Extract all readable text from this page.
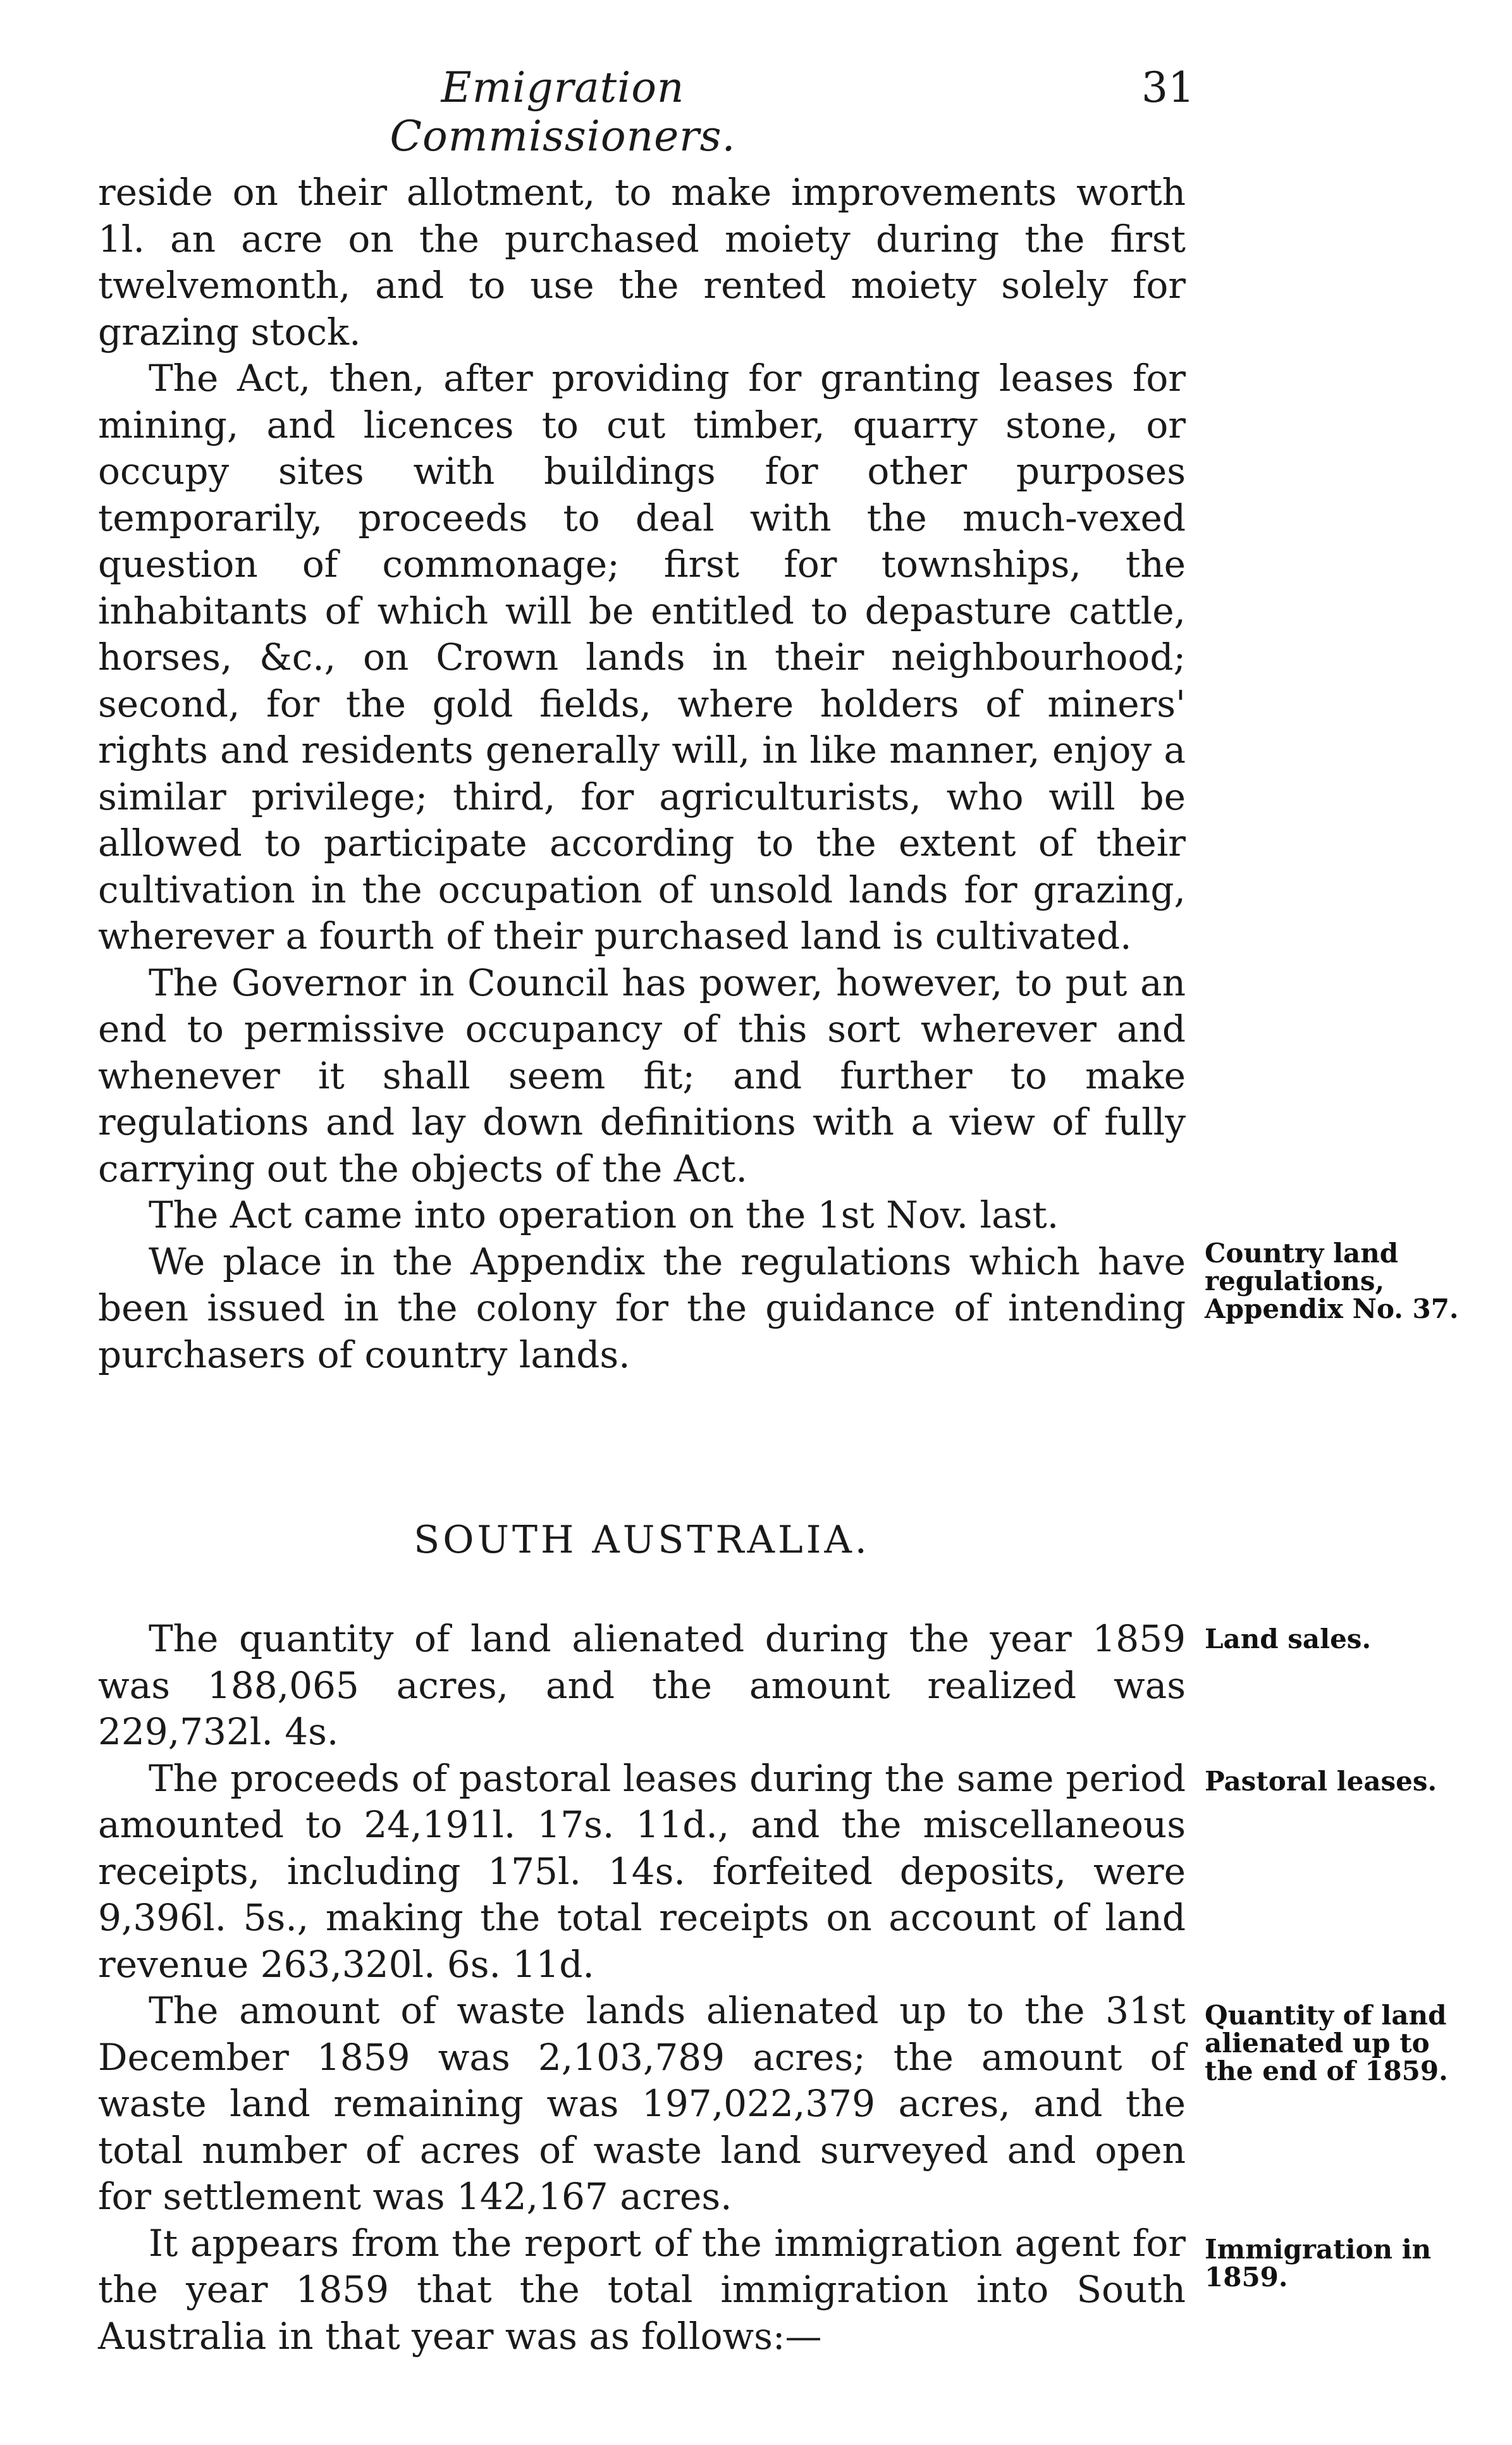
Emigration Commissioners.
31

reside on their allotment, to make improvements worth 1l. an acre on the purchased moiety during the first twelvemonth, and to use the rented moiety solely for grazing stock.

The Act, then, after providing for granting leases for mining, and licences to cut timber, quarry stone, or occupy sites with buildings for other purposes temporarily, proceeds to deal with the much-vexed question of commonage; first for townships, the inhabitants of which will be entitled to depasture cattle, horses, &c., on Crown lands in their neighbourhood; second, for the gold fields, where holders of miners' rights and residents generally will, in like manner, enjoy a similar privilege; third, for agriculturists, who will be allowed to participate according to the extent of their cultivation in the occupation of unsold lands for grazing, wherever a fourth of their purchased land is cultivated.

The Governor in Council has power, however, to put an end to permissive occupancy of this sort wherever and whenever it shall seem fit; and further to make regulations and lay down definitions with a view of fully carrying out the objects of the Act.

The Act came into operation on the 1st Nov. last.

We place in the Appendix the regulations which have been issued in the colony for the guidance of intending purchasers of country lands.

Country land regulations, Appendix No. 37.
SOUTH AUSTRALIA.

The quantity of land alienated during the year 1859 was 188,065 acres, and the amount realized was 229,732l. 4s.

The proceeds of pastoral leases during the same period amounted to 24,191l. 17s. 11d., and the miscellaneous receipts, including 175l. 14s. forfeited deposits, were 9,396l. 5s., making the total receipts on account of land revenue 263,320l. 6s. 11d.

The amount of waste lands alienated up to the 31st December 1859 was 2,103,789 acres; the amount of waste land remaining was 197,022,379 acres, and the total number of acres of waste land surveyed and open for settlement was 142,167 acres.

It appears from the report of the immigration agent for the year 1859 that the total immigration into South Australia in that year was as follows:—

Land sales.
Pastoral leases.
Quantity of land alienated up to the end of 1859.
Immigration in 1859.
